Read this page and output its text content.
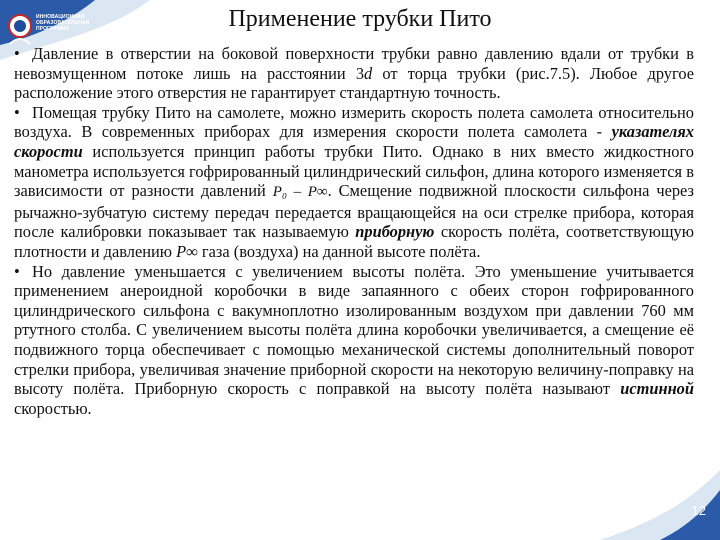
ИННОВАЦИОННАЯ
ОБРАЗОВАТЕЛЬНАЯ
ПРОГРАММА	Применение трубки Пито

• Давление в отверстии на боковой поверхности трубки равно давлению вдали от трубки в невозмущенном потоке лишь на расстоянии 3d от торца трубки (рис.7.5). Любое другое расположение этого отверстия не гарантирует стандартную точность.

• Помещая трубку Пито на самолете, можно измерить скорость полета самолета относительно воздуха. В современных приборах для измерения скорости полета самолета - указателях скорости используется принцип работы трубки Пито. Однако в них вместо жидкостного манометра используется гофрированный цилиндрический сильфон, длина которого изменяется в зависимости от разности давлений P₀ – P∞. Смещение подвижной плоскости сильфона через рычажно-зубчатую систему передач передается вращающейся на оси стрелке прибора, которая после калибровки показывает так называемую приборную скорость полёта, соответствующую плотности и давлению P∞ газа (воздуха) на данной высоте полёта.

• Но давление уменьшается с увеличением высоты полёта. Это уменьшение учитывается применением анероидной коробочки в виде запаянного с обеих сторон гофрированного цилиндрического сильфона с вакумноплотно изолированным воздухом при давлении 760 мм ртутного столба. С увеличением высоты полёта длина коробочки увеличивается, а смещение её подвижного торца обеспечивает с помощью механической системы дополнительный поворот стрелки прибора, увеличивая значение приборной скорости на некоторую величину-поправку на высоту полёта. Приборную скорость с поправкой на высоту полёта называют истинной скоростью.

12
